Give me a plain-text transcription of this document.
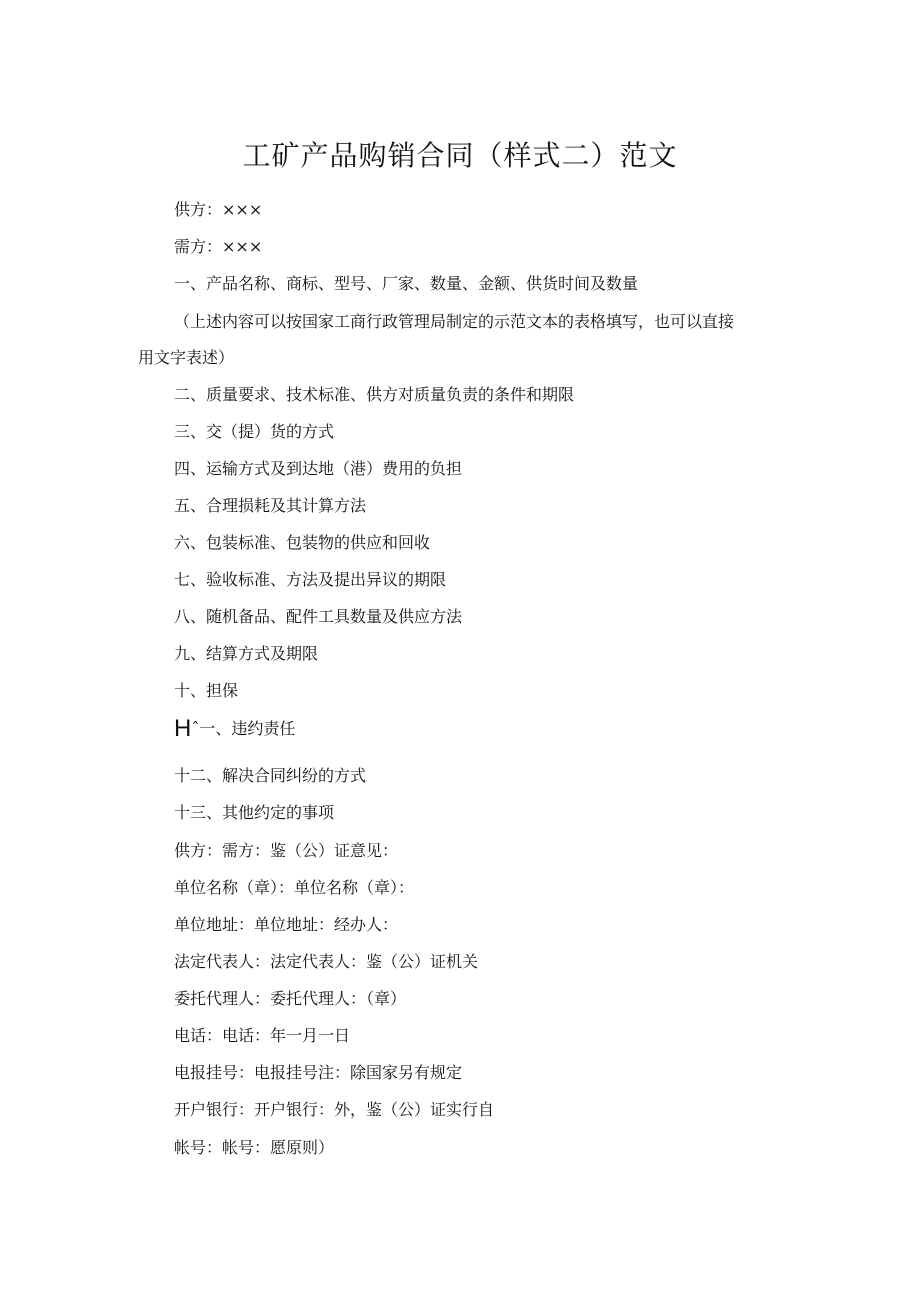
工矿产品购销合同（样式二）范文
供方：×××
需方：×××
一、产品名称、商标、型号、厂家、数量、金额、供货时间及数量
（上述内容可以按国家工商行政管理局制定的示范文本的表格填写，也可以直接
用文字表述）
二、质量要求、技术标准、供方对质量负责的条件和期限
三、交（提）货的方式
四、运输方式及到达地（港）费用的负担
五、合理损耗及其计算方法
六、包装标准、包装物的供应和回收
七、验收标准、方法及提出异议的期限
八、随机备品、配件工具数量及供应方法
九、结算方式及期限
十、担保
Hˆ一、违约责任
十二、解决合同纠纷的方式
十三、其他约定的事项
供方：需方：鉴（公）证意见：
单位名称（章）：单位名称（章）：
单位地址：单位地址：经办人：
法定代表人：法定代表人：鉴（公）证机关
委托代理人：委托代理人：（章）
电话：电话：年一月一日
电报挂号：电报挂号注：除国家另有规定
开户银行：开户银行：外，鉴（公）证实行自
帐号：帐号：愿原则）
